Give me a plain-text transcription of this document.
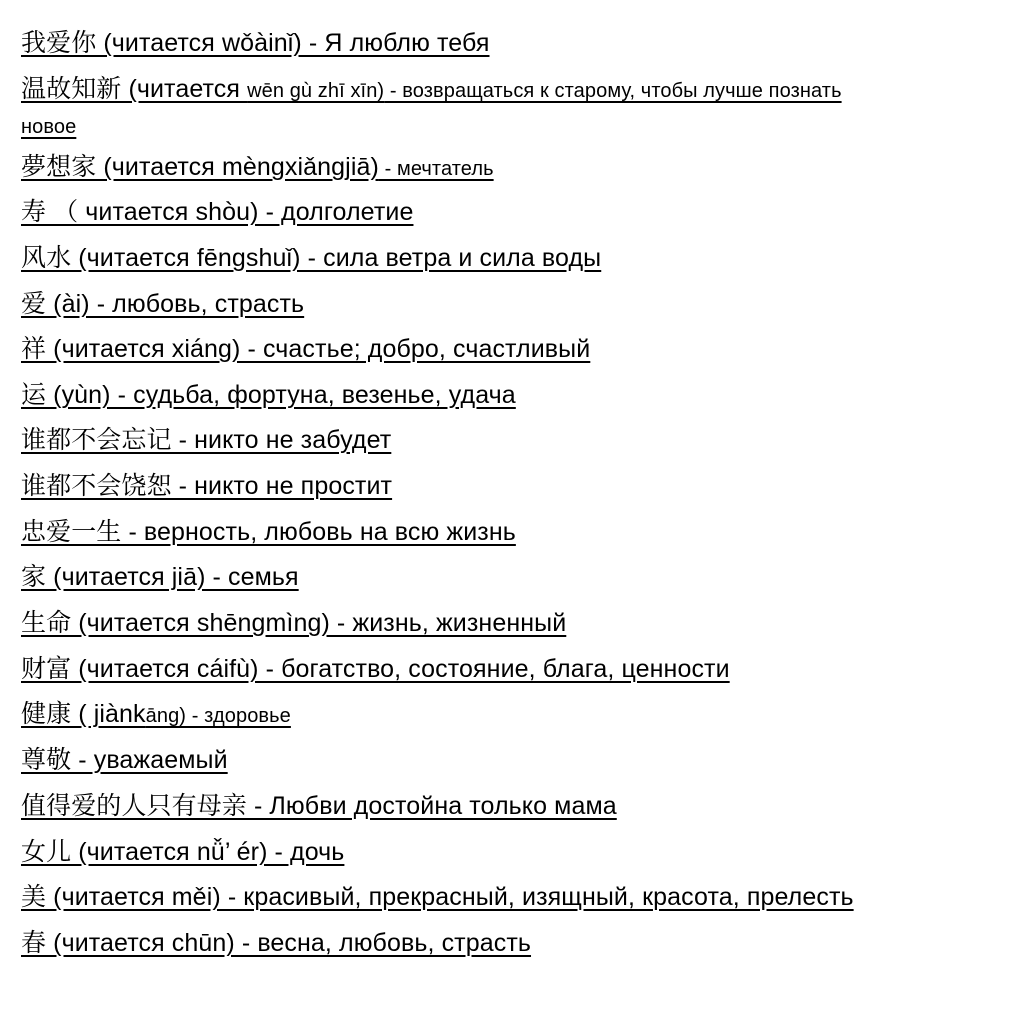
我爱你 (читается wǒàinǐ) - Я люблю тебя
温故知新 (читается wēn gù zhī xīn) - возвращаться к старому, чтобы лучше познать
новое
夢想家 (читается mèngxiǎngjiā) - мечтатель
寿 （ читается shòu) - долголетие
风水 (читается fēngshuǐ) - сила ветра и сила воды
爱 (ài) - любовь, страсть
祥 (читается xiáng) - счастье; добро, счастливый
运 (yùn) - судьба, фортуна, везенье, удача
谁都不会忘记 - никто не забудет
谁都不会饶恕 - никто не простит
忠爱一生 - верность, любовь на всю жизнь
家 (читается jiā) - семья
生命 (читается shēngmìng) - жизнь, жизненный
财富 (читается cáifù) - богатство, состояние, блага, ценности
健康 ( jiànkāng) - здоровье
尊敬 - уважаемый
值得爱的人只有母亲 - Любви достойна только мама
女儿 (читается nǚ’ ér) - дочь
美 (читается měi) - красивый, прекрасный, изящный, красота, прелесть
春 (читается chūn) - весна, любовь, страсть
